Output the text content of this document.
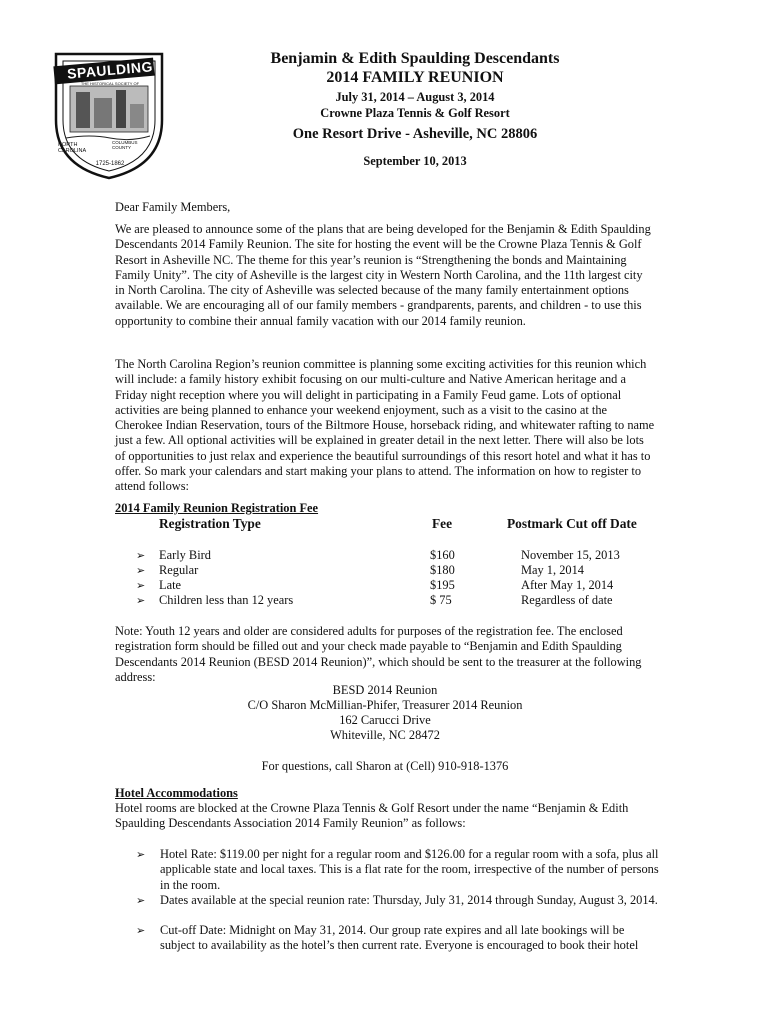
SPAULDING
THE HISTORICAL SOCIETY OF
NORTH CAROLINA
COLUMBUS COUNTY
1725-1862

Benjamin & Edith Spaulding Descendants

2014 FAMILY REUNION

July 31, 2014 – August 3, 2014

Crowne Plaza Tennis & Golf Resort

One Resort Drive - Asheville, NC 28806

September 10, 2013

Dear Family Members,

We are pleased to announce some of the plans that are being developed for the Benjamin & Edith Spaulding Descendants 2014 Family Reunion. The site for hosting the event will be the Crowne Plaza Tennis & Golf Resort in Asheville NC. The theme for this year’s reunion is “Strengthening the bonds and Maintaining Family Unity”. The city of Asheville is the largest city in Western North Carolina, and the 11th largest city in North Carolina. The city of Asheville was selected because of the many family entertainment options available. We are encouraging all of our family members - grandparents, parents, and children - to use this opportunity to combine their annual family vacation with our 2014 family reunion.

The North Carolina Region’s reunion committee is planning some exciting activities for this reunion which will include: a family history exhibit focusing on our multi-culture and Native American heritage and a Friday night reception where you will delight in participating in a Family Feud game. Lots of optional activities are being planned to enhance your weekend enjoyment, such as a visit to the casino at the Cherokee Indian Reservation, tours of the Biltmore House, horseback riding, and whitewater rafting to name just a few. All optional activities will be explained in greater detail in the next letter. There will also be lots of opportunities to just relax and experience the beautiful surroundings of this resort hotel and what it has to offer. So mark your calendars and start making your plans to attend. The information on how to register to attend follows:

2014 Family Reunion Registration Fee

Registration Type	Fee	Postmark Cut off Date
➢ Early Bird	$160	November 15, 2013
➢ Regular	$180	May 1, 2014
➢ Late	$195	After May 1, 2014
➢ Children less than 12 years	$ 75	Regardless of date

Note: Youth 12 years and older are considered adults for purposes of the registration fee. The enclosed registration form should be filled out and your check made payable to “Benjamin and Edith Spaulding Descendants 2014 Reunion (BESD 2014 Reunion)”, which should be sent to the treasurer at the following address:

BESD 2014 Reunion

C/O Sharon McMillian-Phifer, Treasurer 2014 Reunion

162 Carucci Drive

Whiteville, NC 28472

For questions, call Sharon at (Cell) 910-918-1376

Hotel Accommodations

Hotel rooms are blocked at the Crowne Plaza Tennis & Golf Resort under the name “Benjamin & Edith Spaulding Descendants Association 2014 Family Reunion” as follows:

➢ Hotel Rate: $119.00 per night for a regular room and $126.00 for a regular room with a sofa, plus all applicable state and local taxes. This is a flat rate for the room, irrespective of the number of persons in the room.

➢ Dates available at the special reunion rate: Thursday, July 31, 2014 through Sunday, August 3, 2014.

➢ Cut-off Date: Midnight on May 31, 2014. Our group rate expires and all late bookings will be subject to availability as the hotel’s then current rate. Everyone is encouraged to book their hotel
